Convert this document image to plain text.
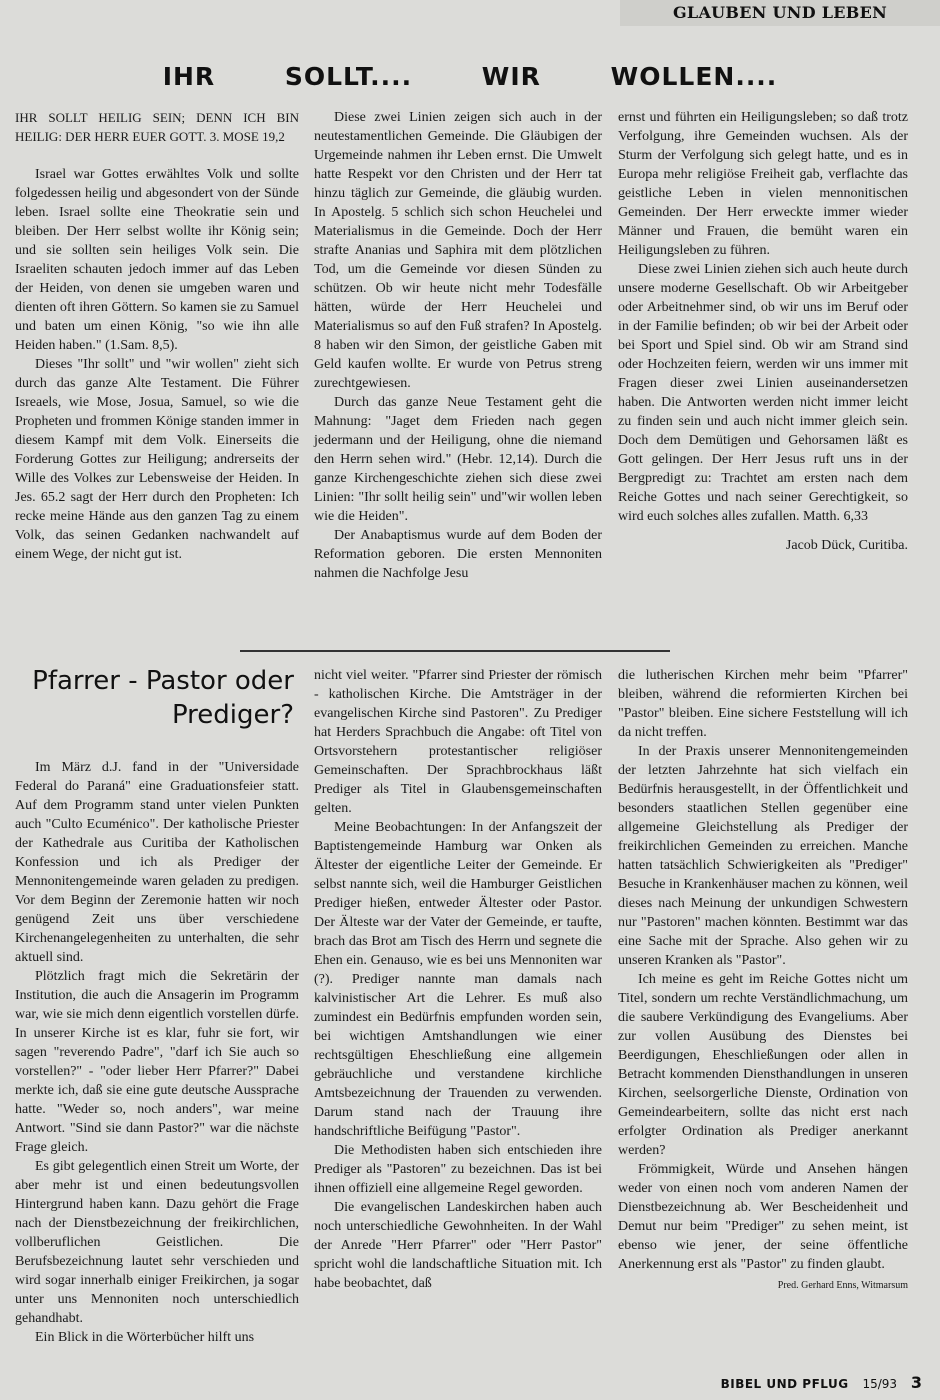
GLAUBEN UND LEBEN
IHR SOLLT.... WIR WOLLEN....

IHR SOLLT HEILIG SEIN; DENN ICH BIN HEILIG: DER HERR EUER GOTT. 3. MOSE 19,2

Israel war Gottes erwähltes Volk und sollte folgedessen heilig und abgesondert von der Sünde leben. Israel sollte eine Theokratie sein und bleiben. Der Herr selbst wollte ihr König sein; und sie sollten sein heiliges Volk sein. Die Israeliten schauten jedoch immer auf das Leben der Heiden, von denen sie umgeben waren und dienten oft ihren Göttern. So kamen sie zu Samuel und baten um einen König, "so wie ihn alle Heiden haben." (1.Sam. 8,5).

Dieses "Ihr sollt" und "wir wollen" zieht sich durch das ganze Alte Testament. Die Führer Isreaels, wie Mose, Josua, Samuel, so wie die Propheten und frommen Könige standen immer in diesem Kampf mit dem Volk. Einerseits die Forderung Gottes zur Heiligung; andrerseits der Wille des Volkes zur Lebensweise der Heiden. In Jes. 65.2 sagt der Herr durch den Propheten: Ich recke meine Hände aus den ganzen Tag zu einem Volk, das seinen Gedanken nachwandelt auf einem Wege, der nicht gut ist.

Diese zwei Linien zeigen sich auch in der neutestamentlichen Gemeinde. Die Gläubigen der Urgemeinde nahmen ihr Leben ernst. Die Umwelt hatte Respekt vor den Christen und der Herr tat hinzu täglich zur Gemeinde, die gläubig wurden. In Apostelg. 5 schlich sich schon Heuchelei und Materialismus in die Gemeinde. Doch der Herr strafte Ananias und Saphira mit dem plötzlichen Tod, um die Gemeinde vor diesen Sünden zu schützen. Ob wir heute nicht mehr Todesfälle hätten, würde der Herr Heuchelei und Materialismus so auf den Fuß strafen? In Apostelg. 8 haben wir den Simon, der geistliche Gaben mit Geld kaufen wollte. Er wurde von Petrus streng zurechtgewiesen.

Durch das ganze Neue Testament geht die Mahnung: "Jaget dem Frieden nach gegen jedermann und der Heiligung, ohne die niemand den Herrn sehen wird." (Hebr. 12,14). Durch die ganze Kirchengeschichte ziehen sich diese zwei Linien: "Ihr sollt heilig sein" und"wir wollen leben wie die Heiden".

Der Anabaptismus wurde auf dem Boden der Reformation geboren. Die ersten Mennoniten nahmen die Nachfolge Jesu

ernst und führten ein Heiligungsleben; so daß trotz Verfolgung, ihre Gemeinden wuchsen. Als der Sturm der Verfolgung sich gelegt hatte, und es in Europa mehr religiöse Freiheit gab, verflachte das geistliche Leben in vielen mennonitischen Gemeinden. Der Herr erweckte immer wieder Männer und Frauen, die bemüht waren ein Heiligungsleben zu führen.

Diese zwei Linien ziehen sich auch heute durch unsere moderne Gesellschaft. Ob wir Arbeitgeber oder Arbeitnehmer sind, ob wir uns im Beruf oder in der Familie befinden; ob wir bei der Arbeit oder bei Sport und Spiel sind. Ob wir am Strand sind oder Hochzeiten feiern, werden wir uns immer mit Fragen dieser zwei Linien auseinandersetzen haben. Die Antworten werden nicht immer leicht zu finden sein und auch nicht immer gleich sein. Doch dem Demütigen und Gehorsamen läßt es Gott gelingen. Der Herr Jesus ruft uns in der Bergpredigt zu: Trachtet am ersten nach dem Reiche Gottes und nach seiner Gerechtigkeit, so wird euch solches alles zufallen. Matth. 6,33

Jacob Dück, Curitiba.

Pfarrer - Pastor oder Prediger?

Im März d.J. fand in der "Universidade Federal do Paraná" eine Graduationsfeier statt. Auf dem Programm stand unter vielen Punkten auch "Culto Ecuménico". Der katholische Priester der Kathedrale aus Curitiba der Katholischen Konfession und ich als Prediger der Mennonitengemeinde waren geladen zu predigen. Vor dem Beginn der Zeremonie hatten wir noch genügend Zeit uns über verschiedene Kirchenangelegenheiten zu unterhalten, die sehr aktuell sind.

Plötzlich fragt mich die Sekretärin der Institution, die auch die Ansagerin im Programm war, wie sie mich denn eigentlich vorstellen dürfe. In unserer Kirche ist es klar, fuhr sie fort, wir sagen "reverendo Padre", "darf ich Sie auch so vorstellen?" - "oder lieber Herr Pfarrer?" Dabei merkte ich, daß sie eine gute deutsche Aussprache hatte. "Weder so, noch anders", war meine Antwort. "Sind sie dann Pastor?" war die nächste Frage gleich.

Es gibt gelegentlich einen Streit um Worte, der aber mehr ist und einen bedeutungsvollen Hintergrund haben kann. Dazu gehört die Frage nach der Dienstbezeichnung der freikirchlichen, vollberuflichen Geistlichen. Die Berufsbezeichnung lautet sehr verschieden und wird sogar innerhalb einiger Freikirchen, ja sogar unter uns Mennoniten noch unterschiedlich gehandhabt.

Ein Blick in die Wörterbücher hilft uns

nicht viel weiter. "Pfarrer sind Priester der römisch - katholischen Kirche. Die Amtsträger in der evangelischen Kirche sind Pastoren". Zu Prediger hat Herders Sprachbuch die Angabe: oft Titel von Ortsvorstehern protestantischer religiöser Gemeinschaften. Der Sprachbrockhaus läßt Prediger als Titel in Glaubensgemeinschaften gelten.

Meine Beobachtungen: In der Anfangszeit der Baptistengemeinde Hamburg war Onken als Ältester der eigentliche Leiter der Gemeinde. Er selbst nannte sich, weil die Hamburger Geistlichen Prediger hießen, entweder Ältester oder Pastor. Der Älteste war der Vater der Gemeinde, er taufte, brach das Brot am Tisch des Herrn und segnete die Ehen ein. Genauso, wie es bei uns Mennoniten war (?). Prediger nannte man damals nach kalvinistischer Art die Lehrer. Es muß also zumindest ein Bedürfnis empfunden worden sein, bei wichtigen Amtshandlungen wie einer rechtsgültigen Eheschließung eine allgemein gebräuchliche und verstandene kirchliche Amtsbezeichnung der Trauenden zu verwenden. Darum stand nach der Trauung ihre handschriftliche Beifügung "Pastor".

Die Methodisten haben sich entschieden ihre Prediger als "Pastoren" zu bezeichnen. Das ist bei ihnen offiziell eine allgemeine Regel geworden.

Die evangelischen Landeskirchen haben auch noch unterschiedliche Gewohnheiten. In der Wahl der Anrede "Herr Pfarrer" oder "Herr Pastor" spricht wohl die landschaftliche Situation mit. Ich habe beobachtet, daß

die lutherischen Kirchen mehr beim "Pfarrer" bleiben, während die reformierten Kirchen bei "Pastor" bleiben. Eine sichere Feststellung will ich da nicht treffen.

In der Praxis unserer Mennonitengemeinden der letzten Jahrzehnte hat sich vielfach ein Bedürfnis herausgestellt, in der Öffentlichkeit und besonders staatlichen Stellen gegenüber eine allgemeine Gleichstellung als Prediger der freikirchlichen Gemeinden zu erreichen. Manche hatten tatsächlich Schwierigkeiten als "Prediger" Besuche in Krankenhäuser machen zu können, weil dieses nach Meinung der unkundigen Schwestern nur "Pastoren" machen könnten. Bestimmt war das eine Sache mit der Sprache. Also gehen wir zu unseren Kranken als "Pastor".

Ich meine es geht im Reiche Gottes nicht um Titel, sondern um rechte Verständlichmachung, um die saubere Verkündigung des Evangeliums. Aber zur vollen Ausübung des Dienstes bei Beerdigungen, Eheschließungen oder allen in Betracht kommenden Diensthandlungen in unseren Kirchen, seelsorgerliche Dienste, Ordination von Gemeindearbeitern, sollte das nicht erst nach erfolgter Ordination als Prediger anerkannt werden?

Frömmigkeit, Würde und Ansehen hängen weder von einen noch vom anderen Namen der Dienstbezeichnung ab. Wer Bescheidenheit und Demut nur beim "Prediger" zu sehen meint, ist ebenso wie jener, der seine öffentliche Anerkennung erst als "Pastor" zu finden glaubt.

Pred. Gerhard Enns, Witmarsum

BIBEL UND PFLUG 15/93 3
